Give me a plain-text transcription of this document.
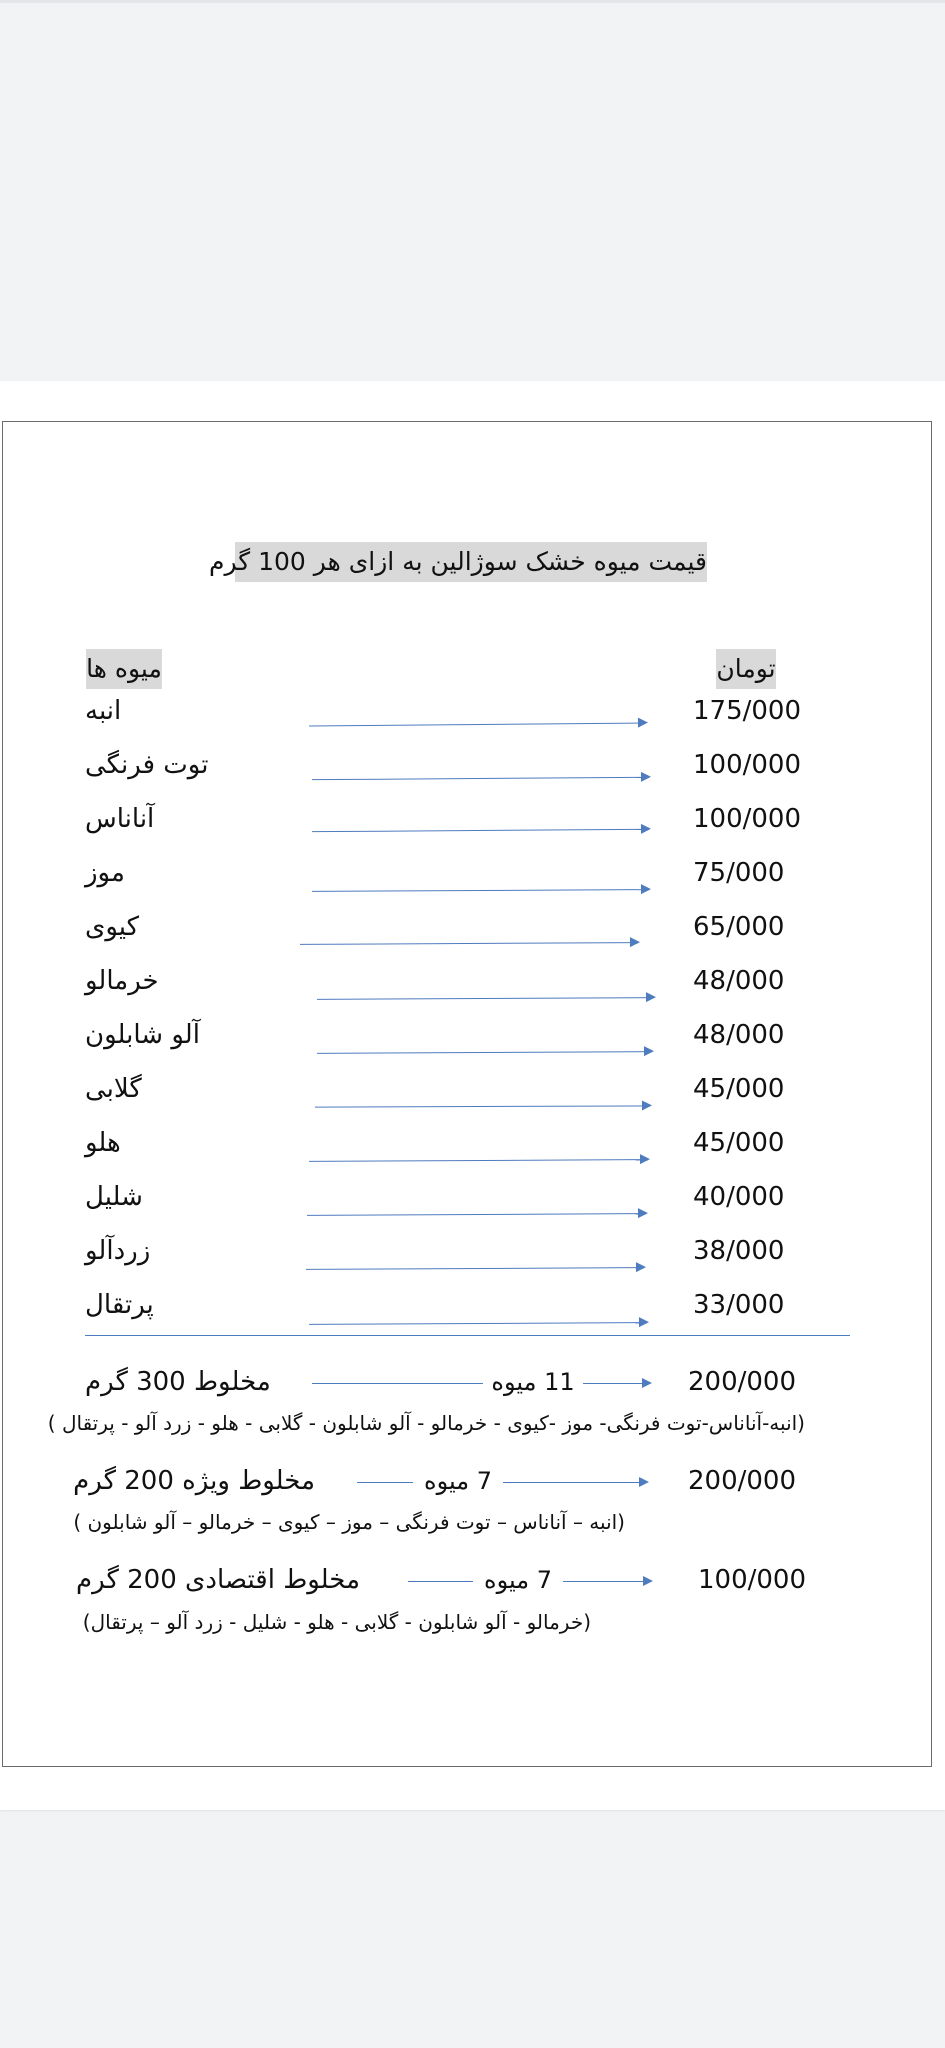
قیمت میوه خشک سوژالین به ازای هر 100 گرم
میوه ها	تومان
انبه	175/000
توت فرنگی	100/000
آناناس	100/000
موز	75/000
کیوی	65/000
خرمالو	48/000
آلو شابلون	48/000
گلابی	45/000
هلو	45/000
شلیل	40/000
زردآلو	38/000
پرتقال	33/000
مخلوط 300 گرم	11 میوه	200/000
(انبه-آناناس-توت فرنگی- موز -کیوی - خرمالو - آلو شابلون - گلابی - هلو - زرد آلو - پرتقال )
مخلوط ویژه 200 گرم	7 میوه	200/000
(انبه – آناناس – توت فرنگی – موز – کیوی – خرمالو – آلو شابلون )
مخلوط اقتصادی 200 گرم	7 میوه	100/000
(خرمالو - آلو شابلون - گلابی - هلو - شلیل - زرد آلو – پرتقال)
